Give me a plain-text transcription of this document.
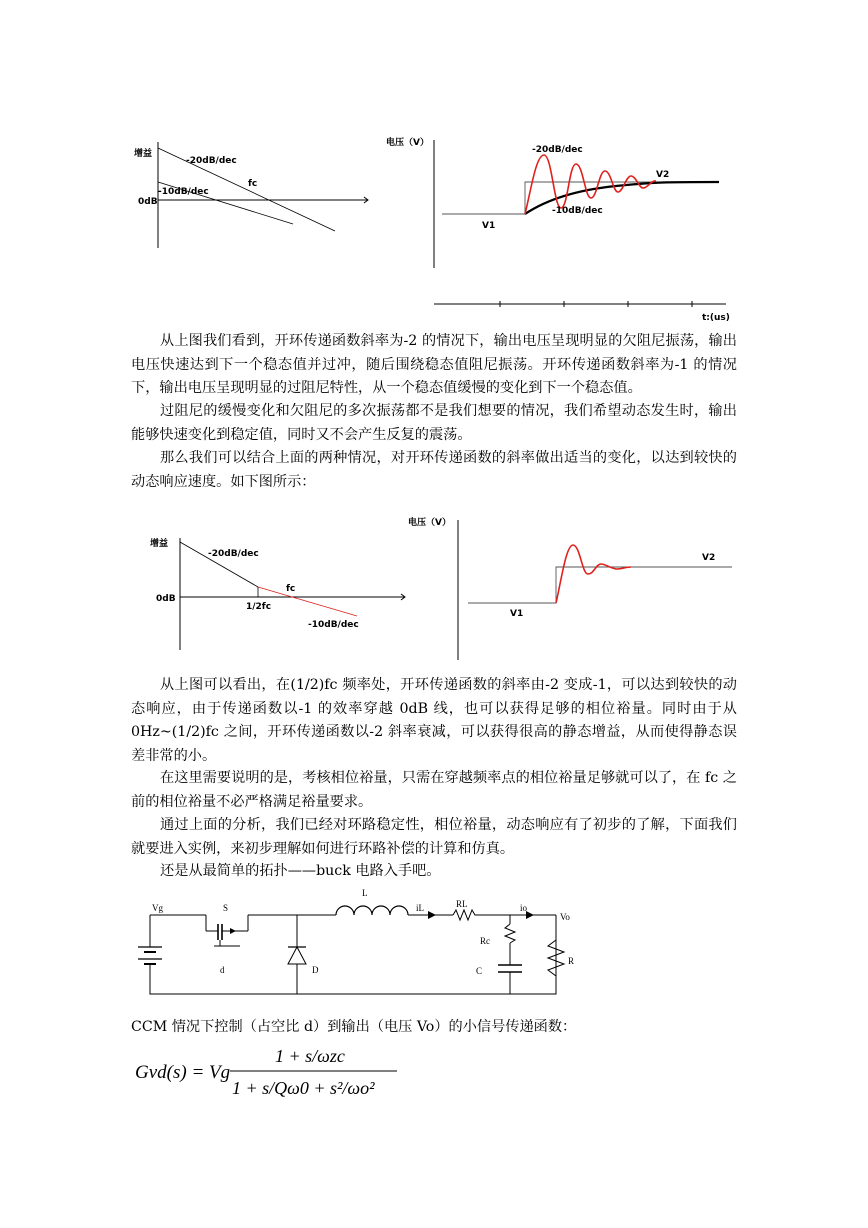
增益
-20dB/dec
fc
-10dB/dec
0dB
电压（V）
-20dB/dec
V2
-10dB/dec
V1
t:(us)

从上图我们看到，开环传递函数斜率为-2 的情况下，输出电压呈现明显的欠阻尼振荡，输出电压快速达到下一个稳态值并过冲，随后围绕稳态值阻尼振荡。开环传递函数斜率为-1 的情况下，输出电压呈现明显的过阻尼特性，从一个稳态值缓慢的变化到下一个稳态值。

过阻尼的缓慢变化和欠阻尼的多次振荡都不是我们想要的情况，我们希望动态发生时，输出能够快速变化到稳定值，同时又不会产生反复的震荡。

那么我们可以结合上面的两种情况，对开环传递函数的斜率做出适当的变化，以达到较快的动态响应速度。如下图所示：

增益
-20dB/dec
fc
0dB
1/2fc
-10dB/dec
电压（V）
V2
V1

从上图可以看出，在(1/2)fc 频率处，开环传递函数的斜率由-2 变成-1，可以达到较快的动态响应，由于传递函数以-1 的效率穿越 0dB 线，也可以获得足够的相位裕量。同时由于从 0Hz~(1/2)fc 之间，开环传递函数以-2 斜率衰减，可以获得很高的静态增益，从而使得静态误差非常的小。

在这里需要说明的是，考核相位裕量，只需在穿越频率点的相位裕量足够就可以了，在 fc 之前的相位裕量不必严格满足裕量要求。

通过上面的分析，我们已经对环路稳定性，相位裕量，动态响应有了初步的了解，下面我们就要进入实例，来初步理解如何进行环路补偿的计算和仿真。

还是从最简单的拓扑——buck 电路入手吧。

Vg	S
d	D
L
iL	RL	io
Vo
Rc
C
R

CCM 情况下控制（占空比 d）到输出（电压 Vo）的小信号传递函数：

Gvd(s) = Vg
1 + s/ωzc
1 + s/Qω0 + s²/ωo²
